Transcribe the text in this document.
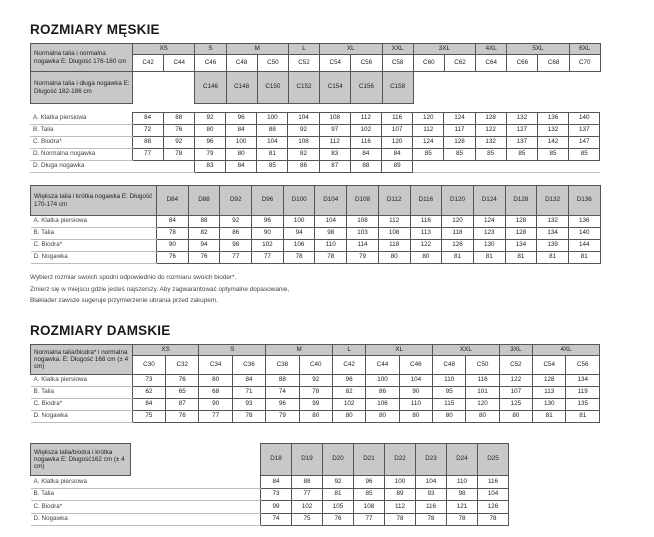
ROZMIARY MĘSKIE
Normalna talia i normalna nogawka E: Długość 176-180 cm	XS		S	M		L	XL		XXL	3XL		4XL	5XL		6XL
	C42	C44	C46	C48	C50	C52	C54	C56	C58	C60	C62	C64	C66	C68	C70
Normalna talia i długa nogawka E: Długość 182-186 cm			C146	C148	C150	C152	C154	C156	C158						
A. Klatka piersiowa	84	88	92	96	100	104	108	112	116	120	124	128	132	136	140
B. Talia	72	76	80	84	88	92	97	102	107	112	117	122	127	132	137
C. Biodra*	88	92	96	100	104	108	112	116	120	124	128	132	137	142	147
D. Normalna nogawka	77	78	79	80	81	82	83	84	84	85	85	85	85	85	85
D. Długa nogawka			83	84	85	86	87	88	89						
Większa talia i krótka nogawka E: Długość 170-174 cm	D84	D88	D92	D96	D100	D104	D108	D112	D116	D120	D124	D128	D132	D136
A. Klatka piersiowa	84	88	92	96	100	104	108	112	116	120	124	128	132	136
B. Talia	78	82	86	90	94	98	103	108	113	118	123	128	134	140
C. Biodra*	90	94	98	102	106	110	114	118	122	126	130	134	139	144
D. Nogawka	76	76	77	77	78	78	79	80	80	81	81	81	81	81
Wybierz rozmiar swoich spodni odpowiednio do rozmiaru swoich bioder*.
Zmierz się w miejscu gdzie jesteś najszerszy. Aby zagwarantować optymalne dopasowanie,
Blaklader zawsze sugeruje przymierzenie ubrania przed zakupem.
ROZMIARY DAMSKIE
Normalna talia/biodra* i normalna nogawka. E: Długość 168 cm (± 4 cm)	XS		S		M		L	XL		XXL		3XL	4XL	
	C30	C32	C34	C36	C38	C40	C42	C44	C46	C48	C50	C52	C54	C56
A. Klatka piersiowa	73	76	80	84	88	92	96	100	104	110	116	122	128	134
B. Talia	62	65	68	71	74	78	82	86	90	95	101	107	113	119
C. Biodra*	84	87	90	93	96	99	102	106	110	115	120	125	130	135
D. Nogawka	75	76	77	78	79	80	80	80	80	80	80	80	81	81
Większa talia/biodra i krótka nogawka E: Długość162 cm (± 4 cm)		D18	D19	D20	D21	D22	D23	D24	D25
A. Klatka piersiowa		84	88	92	96	100	104	110	116
B. Talia		73	77	81	85	89	93	98	104
C. Biodra*		99	102	105	108	112	116	121	126
D. Nogawka		74	75	76	77	78	78	78	78
